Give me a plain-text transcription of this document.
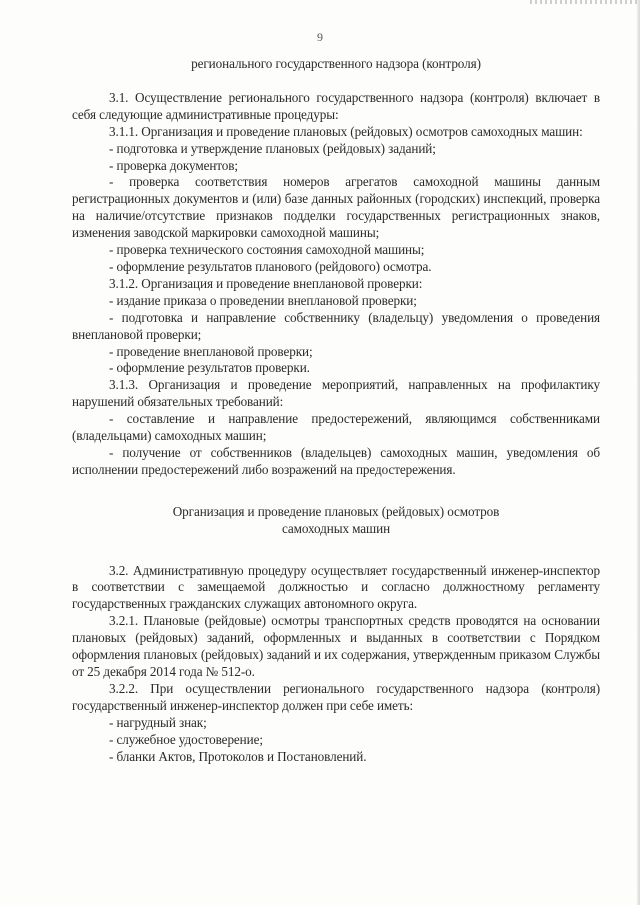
9

регионального государственного надзора (контроля)

3.1. Осуществление регионального государственного надзора (контроля) включает в себя следующие административные процедуры:

3.1.1. Организация и проведение плановых (рейдовых) осмотров самоходных машин:

- подготовка и утверждение плановых (рейдовых) заданий;

- проверка документов;

- проверка соответствия номеров агрегатов самоходной машины данным регистрационных документов и (или) базе данных районных (городских) инспекций, проверка на наличие/отсутствие признаков подделки государственных регистрационных знаков, изменения заводской маркировки самоходной машины;

- проверка технического состояния самоходной машины;

- оформление результатов планового (рейдового) осмотра.

3.1.2. Организация и проведение внеплановой проверки:

- издание приказа о проведении внеплановой проверки;

- подготовка и направление собственнику (владельцу) уведомления о проведения внеплановой проверки;

- проведение внеплановой проверки;

- оформление результатов проверки.

3.1.3. Организация и проведение мероприятий, направленных на профилактику нарушений обязательных требований:

- составление и направление предостережений, являющимся собственниками (владельцами) самоходных машин;

- получение от собственников (владельцев) самоходных машин, уведомления об исполнении предостережений либо возражений на предостережения.

Организация и проведение плановых (рейдовых) осмотров

самоходных машин

3.2. Административную процедуру осуществляет государственный инженер-инспектор в соответствии с замещаемой должностью и согласно должностному регламенту государственных гражданских служащих автономного округа.

3.2.1. Плановые (рейдовые) осмотры транспортных средств проводятся на основании плановых (рейдовых) заданий, оформленных и выданных в соответствии с Порядком оформления плановых (рейдовых) заданий и их содержания, утвержденным приказом Службы от 25 декабря 2014 года № 512-о.

3.2.2. При осуществлении регионального государственного надзора (контроля) государственный инженер-инспектор должен при себе иметь:

- нагрудный знак;

- служебное удостоверение;

- бланки Актов, Протоколов и Постановлений.
